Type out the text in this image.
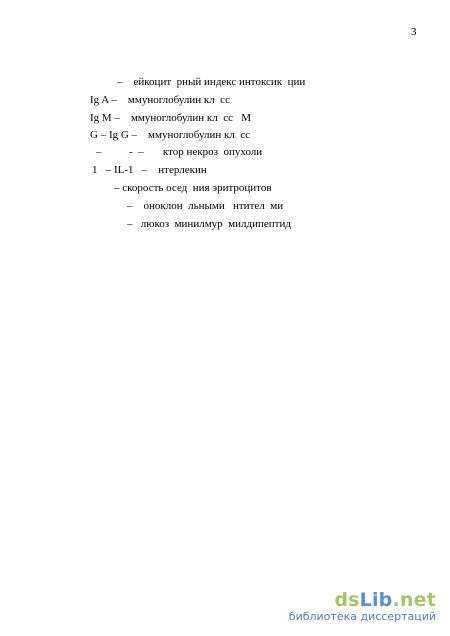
3
–    ейкоцит  рный индекс интоксик  ции
Ig A –    ммуноглобулин кл  сс
Ig M –    ммуноглобулин кл  сс   M
G – Ig G –    ммуноглобулин кл  сс
–          -  –       ктор некроз  опухоли
1   – IL-1   –    нтерлекин
– скорость осед  ния эритроцитов
–    оноклон  льными   нтител  ми
–   люкоз  минилмур  милдипептид
dsLib.net
библиотека диссертаций
